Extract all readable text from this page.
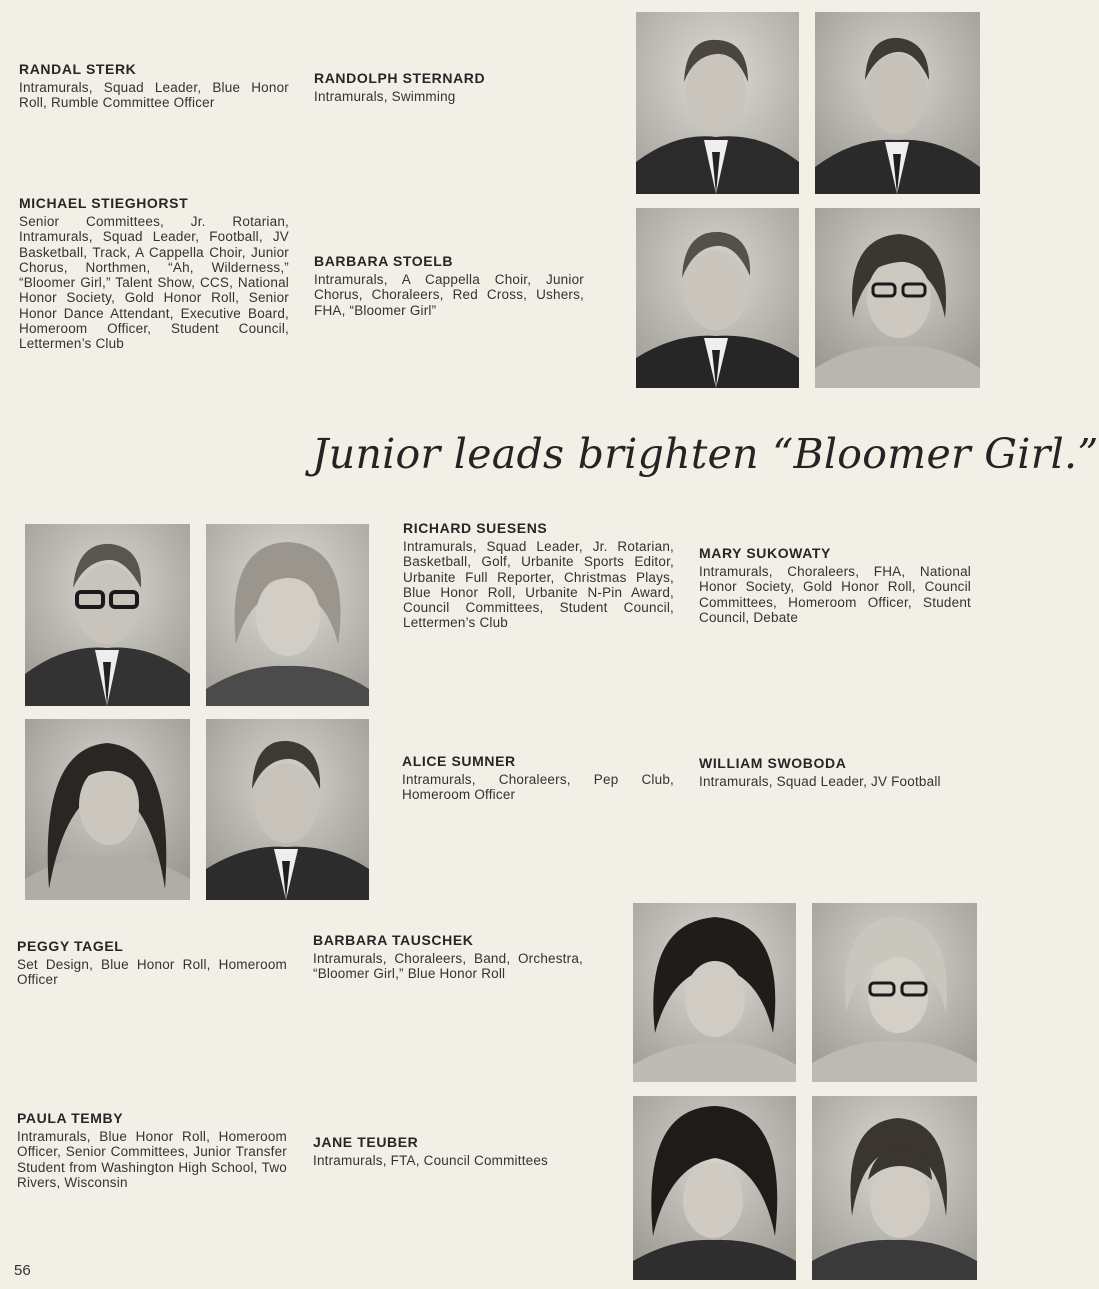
RANDAL STERK
Intramurals, Squad Leader, Blue Honor Roll, Rumble Committee Officer
RANDOLPH STERNARD
Intramurals, Swimming
MICHAEL STIEGHORST
Senior Committees, Jr. Rotarian, Intramurals, Squad Leader, Football, JV Basketball, Track, A Cappella Choir, Junior Chorus, Northmen, “Ah, Wilderness,” “Bloomer Girl,” Talent Show, CCS, National Honor Society, Gold Honor Roll, Senior Honor Dance Attendant, Executive Board, Homeroom Officer, Student Council, Lettermen’s Club
BARBARA STOELB
Intramurals, A Cappella Choir, Junior Chorus, Choraleers, Red Cross, Ushers, FHA, “Bloomer Girl”
Junior leads brighten “Bloomer Girl.”
RICHARD SUESENS
Intramurals, Squad Leader, Jr. Rotarian, Basketball, Golf, Urbanite Sports Editor, Urbanite Full Reporter, Christmas Plays, Blue Honor Roll, Urbanite N-Pin Award, Council Committees, Student Council, Lettermen’s Club
MARY SUKOWATY
Intramurals, Choraleers, FHA, National Honor Society, Gold Honor Roll, Council Committees, Homeroom Officer, Student Council, Debate
ALICE SUMNER
Intramurals, Choraleers, Pep Club, Homeroom Officer
WILLIAM SWOBODA
Intramurals, Squad Leader, JV Football
PEGGY TAGEL
Set Design, Blue Honor Roll, Homeroom Officer
BARBARA TAUSCHEK
Intramurals, Choraleers, Band, Orchestra, “Bloomer Girl,” Blue Honor Roll
PAULA TEMBY
Intramurals, Blue Honor Roll, Homeroom Officer, Senior Committees, Junior Transfer Student from Washington High School, Two Rivers, Wisconsin
JANE TEUBER
Intramurals, FTA, Council Committees
56
